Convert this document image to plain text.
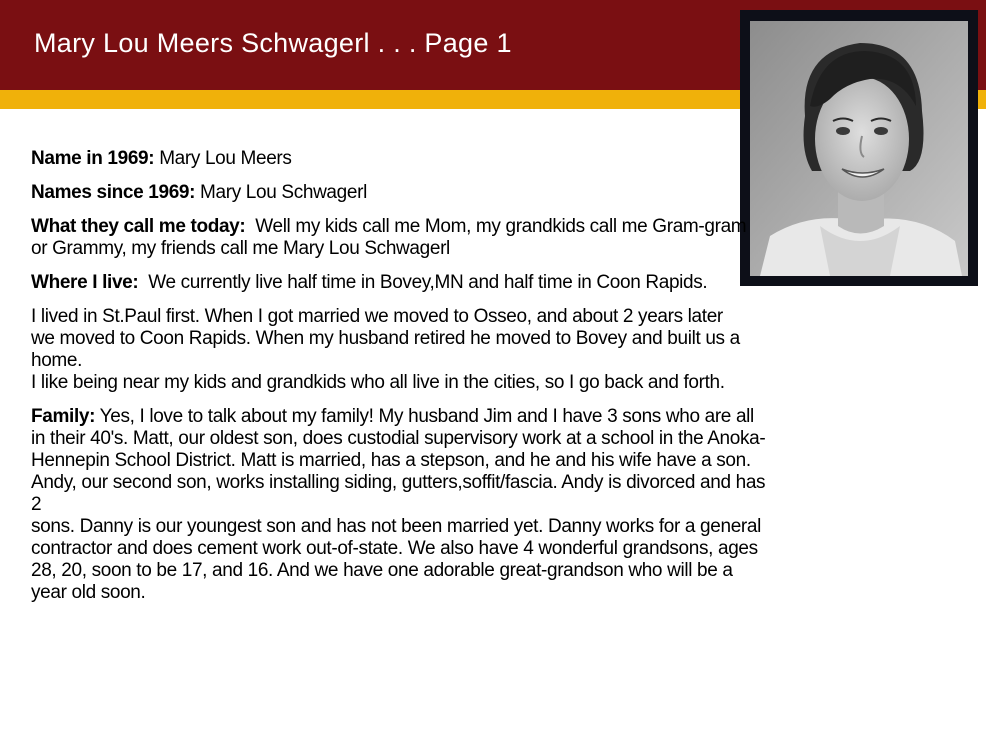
Mary Lou Meers Schwagerl . . . Page 1

Name in 1969: Mary Lou Meers

Names since 1969: Mary Lou Schwagerl

What they call me today: Well my kids call me Mom, my grandkids call me Gram-gram
or Grammy, my friends call me Mary Lou Schwagerl

Where I live: We currently live half time in Bovey,MN and half time in Coon Rapids.

I lived in St.Paul first. When I got married we moved to Osseo, and about 2 years later
we moved to Coon Rapids. When my husband retired he moved to Bovey and built us a home.
I like being near my kids and grandkids who all live in the cities, so I go back and forth.

Family: Yes, I love to talk about my family! My husband Jim and I have 3 sons who are all in their 40's. Matt, our oldest son, does custodial supervisory work at a school in the Anoka-Hennepin School District. Matt is married, has a stepson, and he and his wife have a son. Andy, our second son, works installing siding, gutters,soffit/fascia. Andy is divorced and has 2
sons. Danny is our youngest son and has not been married yet. Danny works for a general contractor and does cement work out-of-state. We also have 4 wonderful grandsons, ages 28, 20, soon to be 17, and 16. And we have one adorable great-grandson who will be a year old soon.
